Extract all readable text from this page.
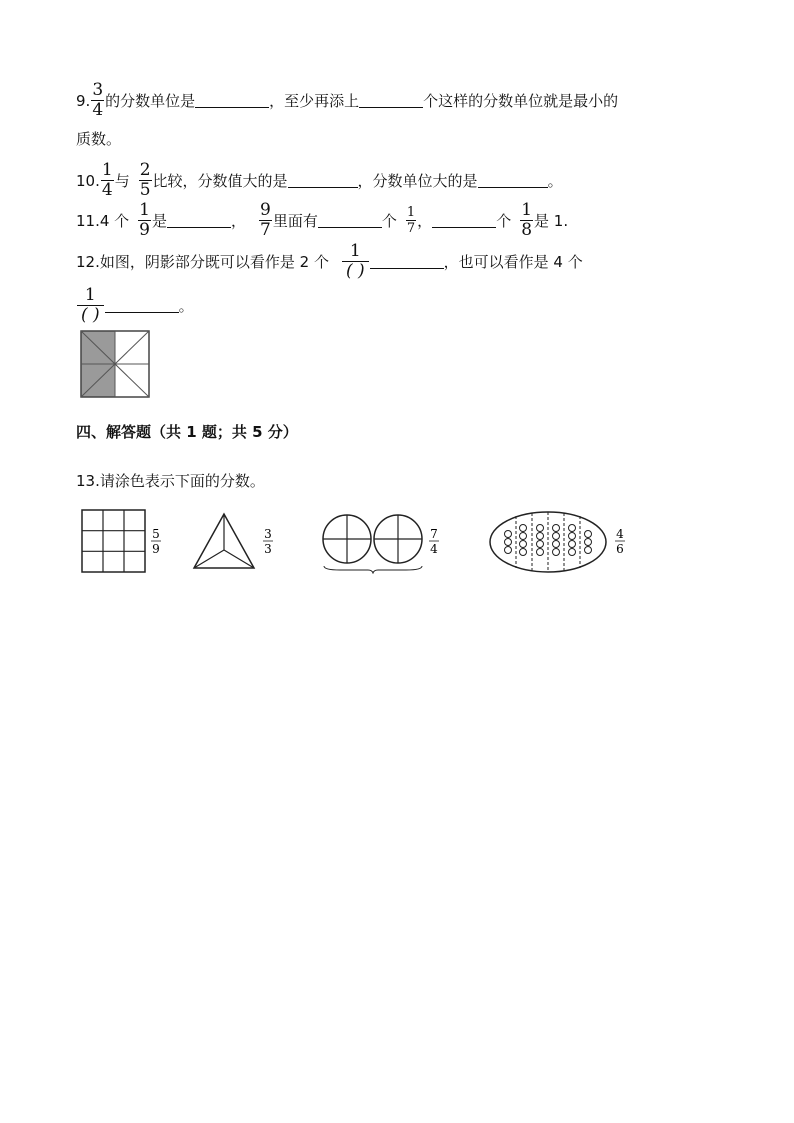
9. $\frac{3}{4}$ 的分数单位是	，至少再添上	个这样的分数单位就是最小的
质数。
10. $\frac{1}{4}$ 与 $\frac{2}{5}$ 比较，分数值大的是	，分数单位大的是	。
11.4 个 $\frac{1}{9}$ 是	， $\frac{9}{7}$ 里面有	个 $\frac{1}{7}$ ，	个 $\frac{1}{8}$ 是 1.
12. 如图，阴影部分既可以看作是 2 个 $\frac{1}{( )}$	，也可以看作是 4 个
$\frac{1}{( )}$	。
四、解答题（共 1 题；共 5 分）
13.请涂色表示下面的分数。
5
9
3
3
7
4
4
6
